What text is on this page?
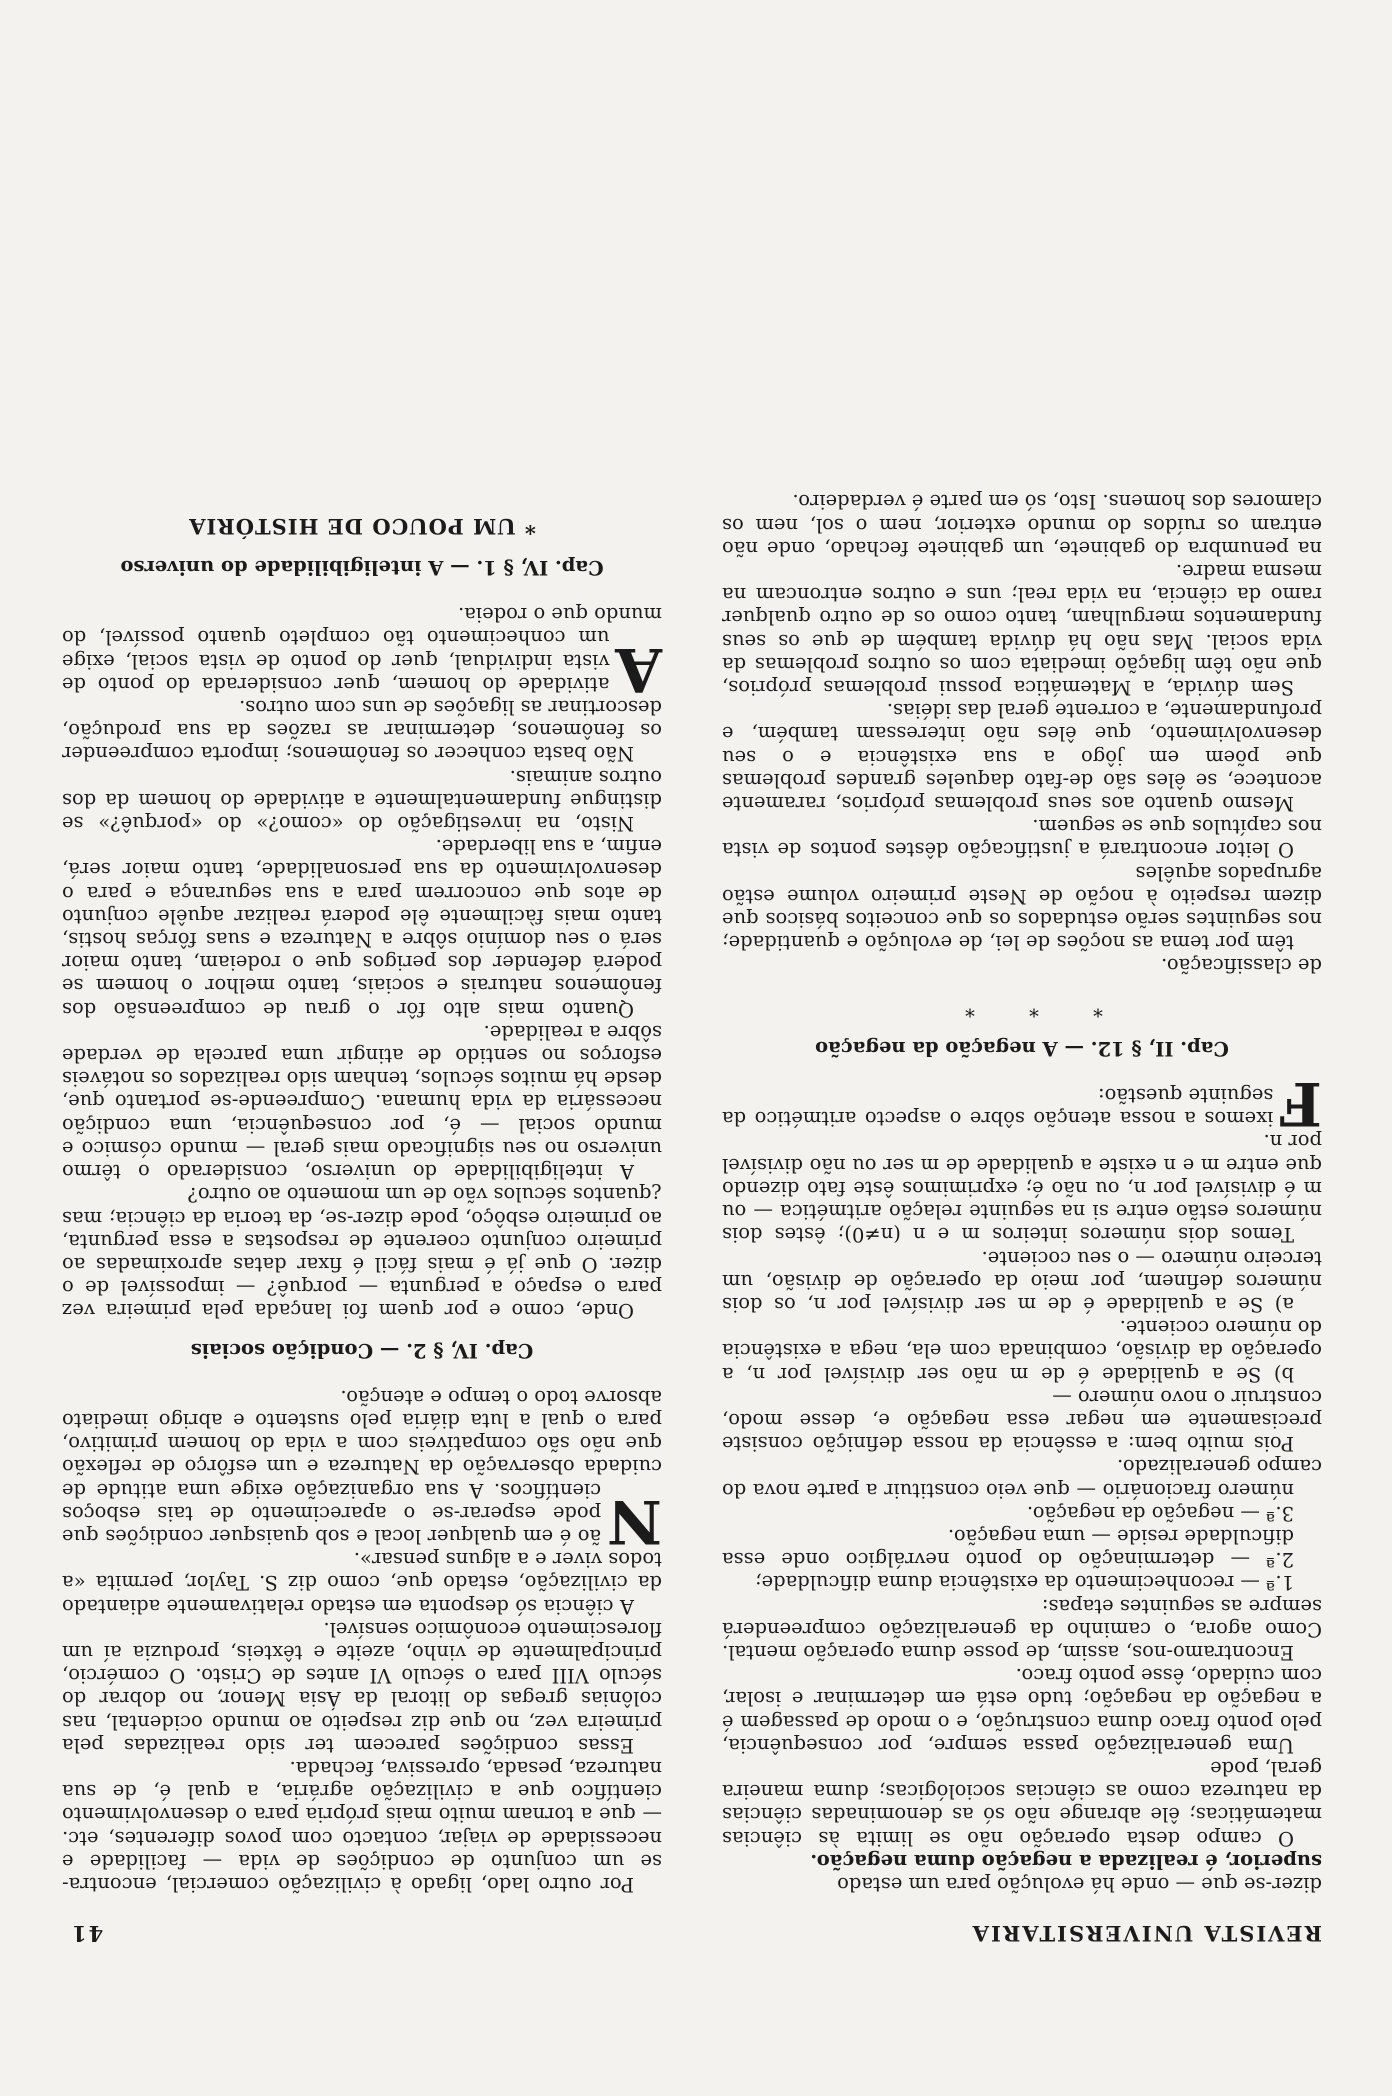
REVISTA UNIVERSITARIA
41

dizer-se que — onde há evolução para um estado

superior, é realizada a negação duma negação.

O campo desta operação não se limita às ciências matemáticas; êle abrange não só as denominadas ciências da natureza como as ciências sociológicas; duma maneira geral, pode

Uma generalização passa sempre, por consequência, pelo ponto fraco duma construção, e o modo de passagem é a negação da negação; tudo está em determinar e isolar, com cuidado, êsse ponto fraco.

Encontramo-nos, assim, de posse duma operação mental. Como agora, o caminho da generalização compreenderá sempre as seguintes etapas:

1.ª — reconhecimento da existência duma dificuldade;

2.ª — determinação do ponto nevrálgico onde essa dificuldade reside — uma negação.

3.ª — negação da negação.

número fracionário — que veio constituir a parte nova do campo generalizado.

Pois muito bem: a essência da nossa definição consiste precisamente em negar essa negação e, desse modo, construir o novo número —

b) Se a qualidade é de m não ser divisível por n, a operação da divisão, combinada com ela, nega a existência do número cociente.

a) Se a qualidade é de m ser divisível por n, os dois números definem, por meio da operação de divisão, um terceiro número — o seu cociente.

Temos dois números inteiros m e n (n≠0); êstes dois números estão entre si na seguinte relação aritmética — ou m é divisível por n, ou não é; exprimimos êste fato dizendo que entre m e n existe a qualidade de m ser ou não divisível por n.

Fixemos a nossa atenção sôbre o aspecto aritmético da seguinte questão:

Cap. II, § 12. — A negação da negação

* * *

de classificação.

têm por tema as noções de lei, de evolução e quantidade; nos seguintes serão estudados os que conceitos básicos que dizem respeito à noção de Neste primeiro volume estão agrupados aquêles

O leitor encontrará a justificação dêstes pontos de vista nos capítulos que se seguem.

Mesmo quanto aos seus problemas próprios, raramente acontece, se êles são de-fato daqueles grandes problemas que põem em jôgo a sua existência e o seu desenvolvimento, que êles não interessam também, e profundamente, a corrente geral das idéias.

Sem dúvida, a Matemática possui problemas próprios, que não têm ligação imediata com os outros problemas da vida social. Mas não há dúvida também de que os seus fundamentos mergulham, tanto como os de outro qualquer ramo da ciência, na vida real; uns e outros entroncam na mesma madre.

na penumbra do gabinete, um gabinete fechado, onde não entram os ruídos do mundo exterior, nem o sol, nem os clamores dos homens. Isto, só em parte é verdadeiro.

Por outro lado, ligado à civilização comercial, encontra-se um conjunto de condições de vida — facilidade e necessidade de viajar, contacto com povos diferentes, etc. — que a tornam muito mais própria para o desenvolvimento científico que a civilização agrária, a qual é, de sua natureza, pesada, opressiva, fechada.

Essas condições parecem ter sido realizadas pela primeira vez, no que diz respeito ao mundo ocidental, nas colônias gregas do litoral da Ásia Menor, no dobrar do século VIII para o século VI antes de Cristo. O comércio, principalmente de vinho, azeite e têxteis, produzia aí um florescimento econômico sensível.

A ciência só desponta em estado relativamente adiantado da civilização, estado que, como diz S. Taylor, permita «a todos viver e a alguns pensar».

Não é em qualquer local e sob quaisquer condições que pode esperar-se o aparecimento de tais esboços científicos. A sua organização exige uma atitude de cuidada observação da Natureza e um esfôrço de reflexão que não são compatíveis com a vida do homem primitivo, para o qual a luta diária pelo sustento e abrigo imediato absorve todo o tempo e atenção.

Cap. IV, § 2. — Condição sociais

Onde, como e por quem foi lançada pela primeira vez para o espaço a pergunta — porquê? — impossível de o dizer. O que já é mais fácil é fixar datas aproximadas ao primeiro conjunto coerente de respostas a essa pergunta, ao primeiro esbôço, pode dizer-se, da teoria da ciência; mas ¿quantos séculos vão de um momento ao outro?

A inteligibilidade do universo, considerado o têrmo universo no seu significado mais geral — mundo cósmico e mundo social — é, por consequência, uma condição necessária da vida humana. Compreende-se portanto que, desde há muitos séculos, tenham sido realizados os notáveis esforços no sentido de atingir uma parcela de verdade sôbre a realidade.

Quanto mais alto fôr o grau de compreensão dos fenômenos naturais e sociais, tanto melhor o homem se poderá defender dos perigos que o rodeiam, tanto maior será o seu domínio sôbre a Natureza e suas fôrças hostis, tanto mais fàcilmente êle poderá realizar aquêle conjunto de atos que concorrem para a sua segurança e para o desenvolvimento da sua personalidade, tanto maior será, enfim, a sua liberdade.

Nisto, na investigação do «como?» do «porquê?» se distingue fundamentalmente a atividade do homem da dos outros animais.

Não basta conhecer os fenômenos; importa compreender os fenômenos, determinar as razões da sua produção, descortinar as ligações de uns com outros.

Aatividade do homem, quer considerada do ponto de vista individual, quer do ponto de vista social, exige um conhecimento tão completo quanto possível, do mundo que o rodeia.

Cap. IV, § 1. — A inteligibilidade do universo
* UM POUCO DE HISTÓRIA
